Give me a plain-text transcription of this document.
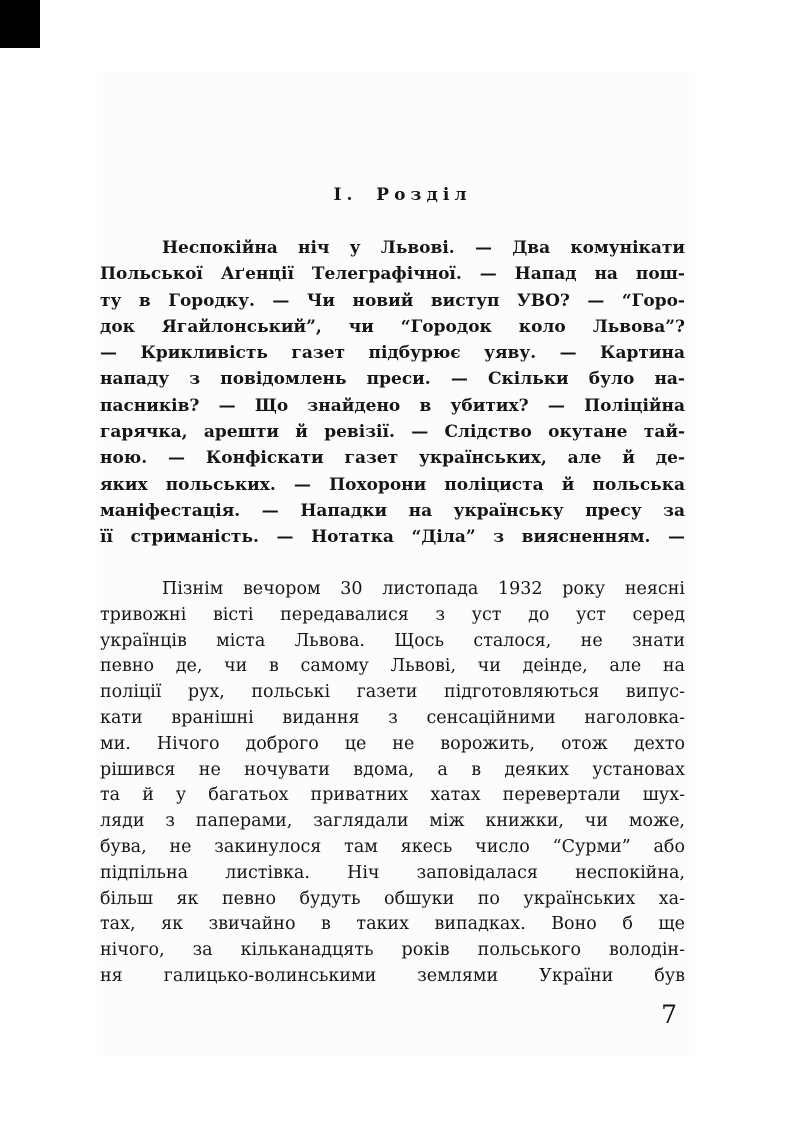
І. Розділ
Неспокійна ніч у Львові. — Два комунікати
Польської Аґенції Телеграфічної. — Напад на пош-
ту в Городку. — Чи новий виступ УВО? — “Горо-
док Ягайлонський”, чи “Городок коло Львова”?
— Крикливість газет підбурює уяву. — Картина
нападу з повідомлень преси. — Скільки було на-
пасників? — Що знайдено в убитих? — Поліційна
гарячка, арешти й ревізії. — Слідство окутане тай-
ною. — Конфіскати газет українських, але й де-
яких польських. — Похорони поліциста й польська
маніфестація. — Нападки на українську пресу за
її стриманість. — Нотатка “Діла” з виясненням. —
Пізнім вечором 30 листопада 1932 року неясні
тривожні вісті передавалися з уст до уст серед
українців міста Львова. Щось сталося, не знати
певно де, чи в самому Львові, чи деінде, але на
поліції рух, польські газети підготовляються випус-
кати вранішні видання з сенсаційними наголовка-
ми. Нічого доброго це не ворожить, отож дехто
рішився не ночувати вдома, а в деяких установах
та й у багатьох приватних хатах перевертали шух-
ляди з паперами, заглядали між книжки, чи може,
бува, не закинулося там якесь число “Сурми” або
підпільна листівка. Ніч заповідалася неспокійна,
більш як певно будуть обшуки по українських ха-
тах, як звичайно в таких випадках. Воно б ще
нічого, за кільканадцять років польського володін-
ня галицько-волинськими землями України був
7
